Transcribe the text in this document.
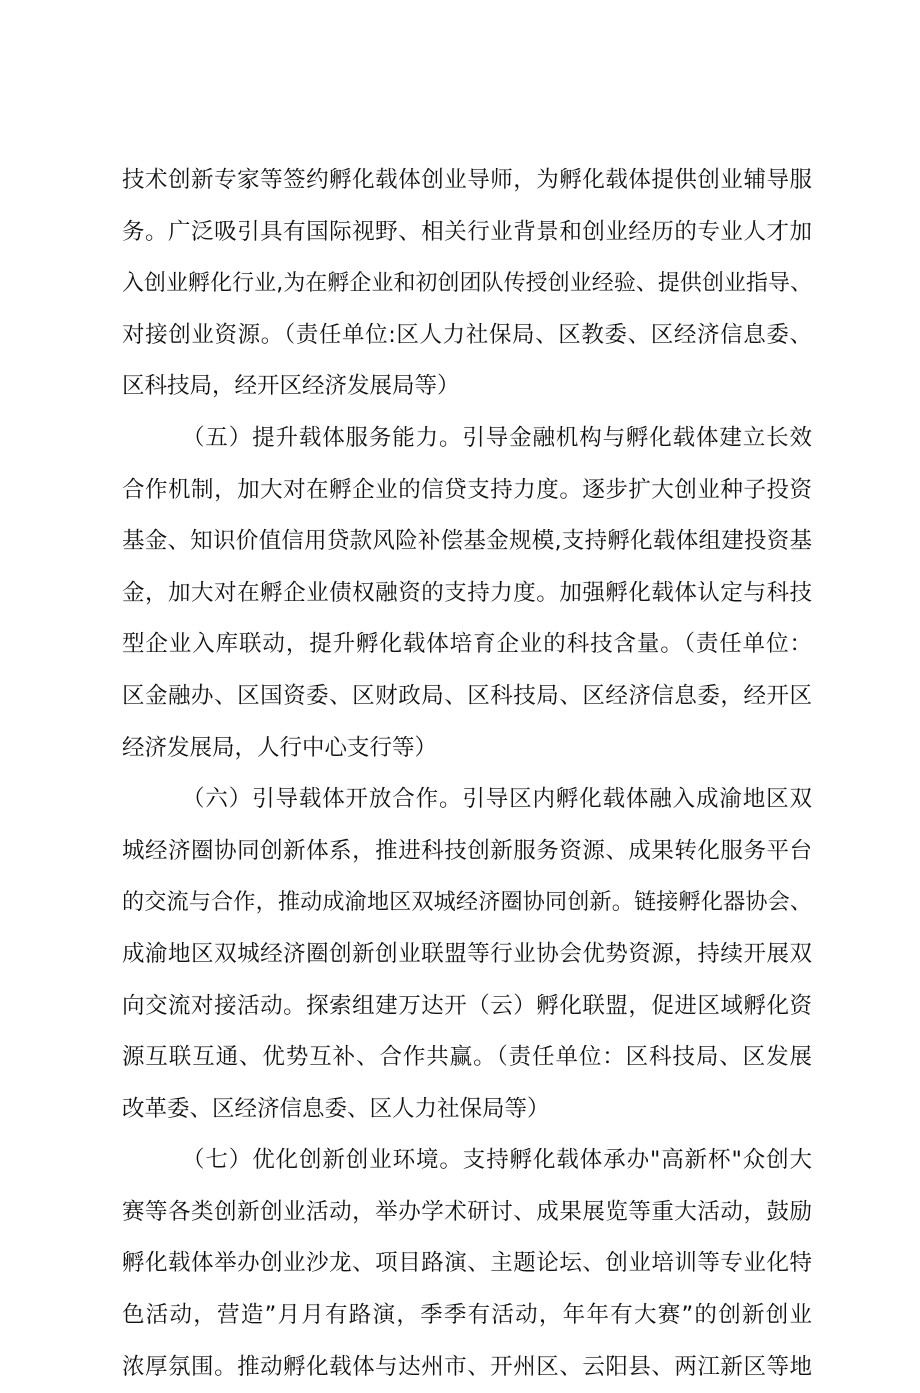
技术创新专家等签约孵化载体创业导师，为孵化载体提供创业辅导服
务。广泛吸引具有国际视野、相关行业背景和创业经历的专业人才加
入创业孵化行业,为在孵企业和初创团队传授创业经验、提供创业指导、
对接创业资源。（责任单位:区人力社保局、区教委、区经济信息委、
区科技局，经开区经济发展局等）
（五）提升载体服务能力。引导金融机构与孵化载体建立长效
合作机制，加大对在孵企业的信贷支持力度。逐步扩大创业种子投资
基金、知识价值信用贷款风险补偿基金规模,支持孵化载体组建投资基
金，加大对在孵企业债权融资的支持力度。加强孵化载体认定与科技
型企业入库联动，提升孵化载体培育企业的科技含量。（责任单位：
区金融办、区国资委、区财政局、区科技局、区经济信息委，经开区
经济发展局，人行中心支行等）
（六）引导载体开放合作。引导区内孵化载体融入成渝地区双
城经济圈协同创新体系，推进科技创新服务资源、成果转化服务平台
的交流与合作，推动成渝地区双城经济圈协同创新。链接孵化器协会、
成渝地区双城经济圈创新创业联盟等行业协会优势资源，持续开展双
向交流对接活动。探索组建万达开（云）孵化联盟，促进区域孵化资
源互联互通、优势互补、合作共赢。（责任单位：区科技局、区发展
改革委、区经济信息委、区人力社保局等）
（七）优化创新创业环境。支持孵化载体承办"高新杯"众创大
赛等各类创新创业活动，举办学术研讨、成果展览等重大活动，鼓励
孵化载体举办创业沙龙、项目路演、主题论坛、创业培训等专业化特
色活动，营造”月月有路演，季季有活动，年年有大赛”的创新创业
浓厚氛围。推动孵化载体与达州市、开州区、云阳县、两江新区等地
